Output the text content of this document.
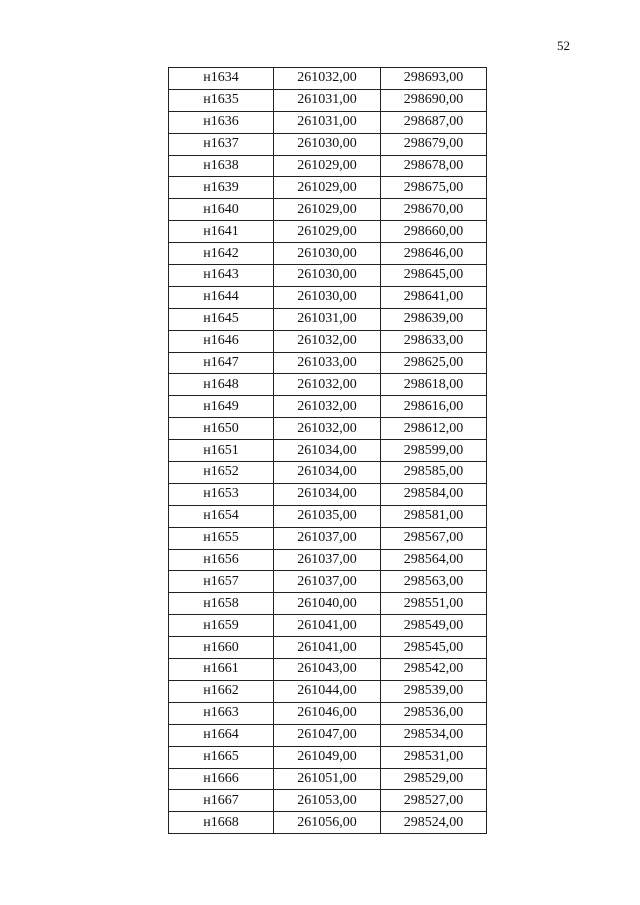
52
н1634	261032,00	298693,00
н1635	261031,00	298690,00
н1636	261031,00	298687,00
н1637	261030,00	298679,00
н1638	261029,00	298678,00
н1639	261029,00	298675,00
н1640	261029,00	298670,00
н1641	261029,00	298660,00
н1642	261030,00	298646,00
н1643	261030,00	298645,00
н1644	261030,00	298641,00
н1645	261031,00	298639,00
н1646	261032,00	298633,00
н1647	261033,00	298625,00
н1648	261032,00	298618,00
н1649	261032,00	298616,00
н1650	261032,00	298612,00
н1651	261034,00	298599,00
н1652	261034,00	298585,00
н1653	261034,00	298584,00
н1654	261035,00	298581,00
н1655	261037,00	298567,00
н1656	261037,00	298564,00
н1657	261037,00	298563,00
н1658	261040,00	298551,00
н1659	261041,00	298549,00
н1660	261041,00	298545,00
н1661	261043,00	298542,00
н1662	261044,00	298539,00
н1663	261046,00	298536,00
н1664	261047,00	298534,00
н1665	261049,00	298531,00
н1666	261051,00	298529,00
н1667	261053,00	298527,00
н1668	261056,00	298524,00
